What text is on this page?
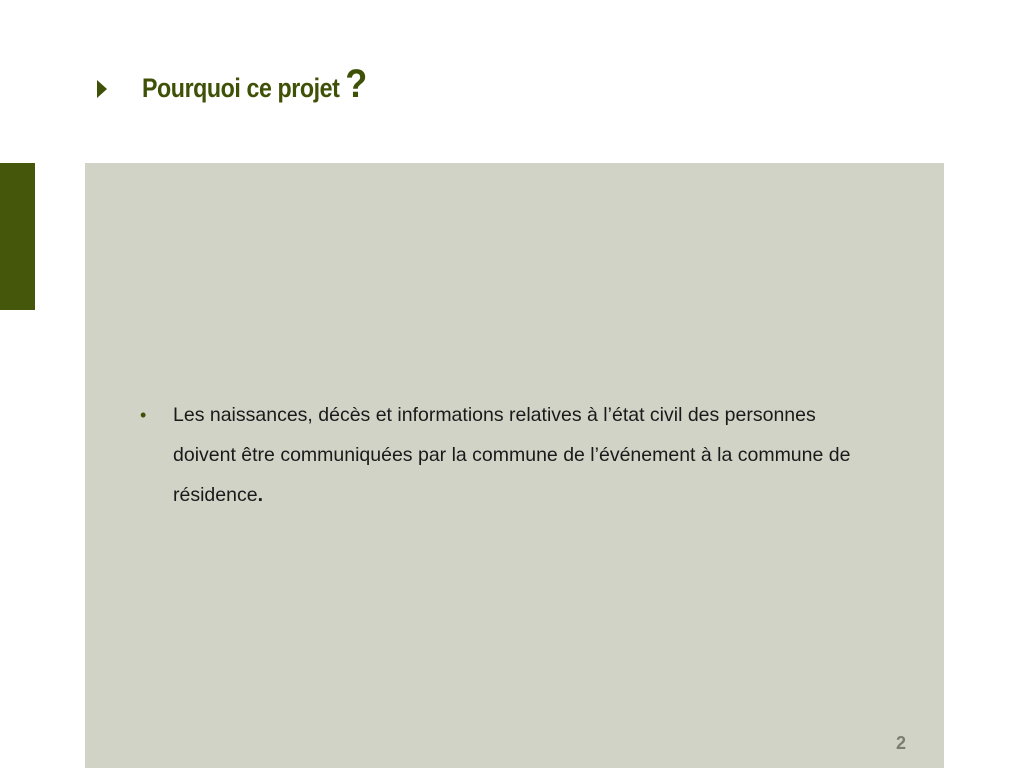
Pourquoi ce projet ?
•	Les naissances, décès et informations relatives à l’état civil des personnes doivent être communiquées par la commune de l’événement à la commune de résidence.
2
